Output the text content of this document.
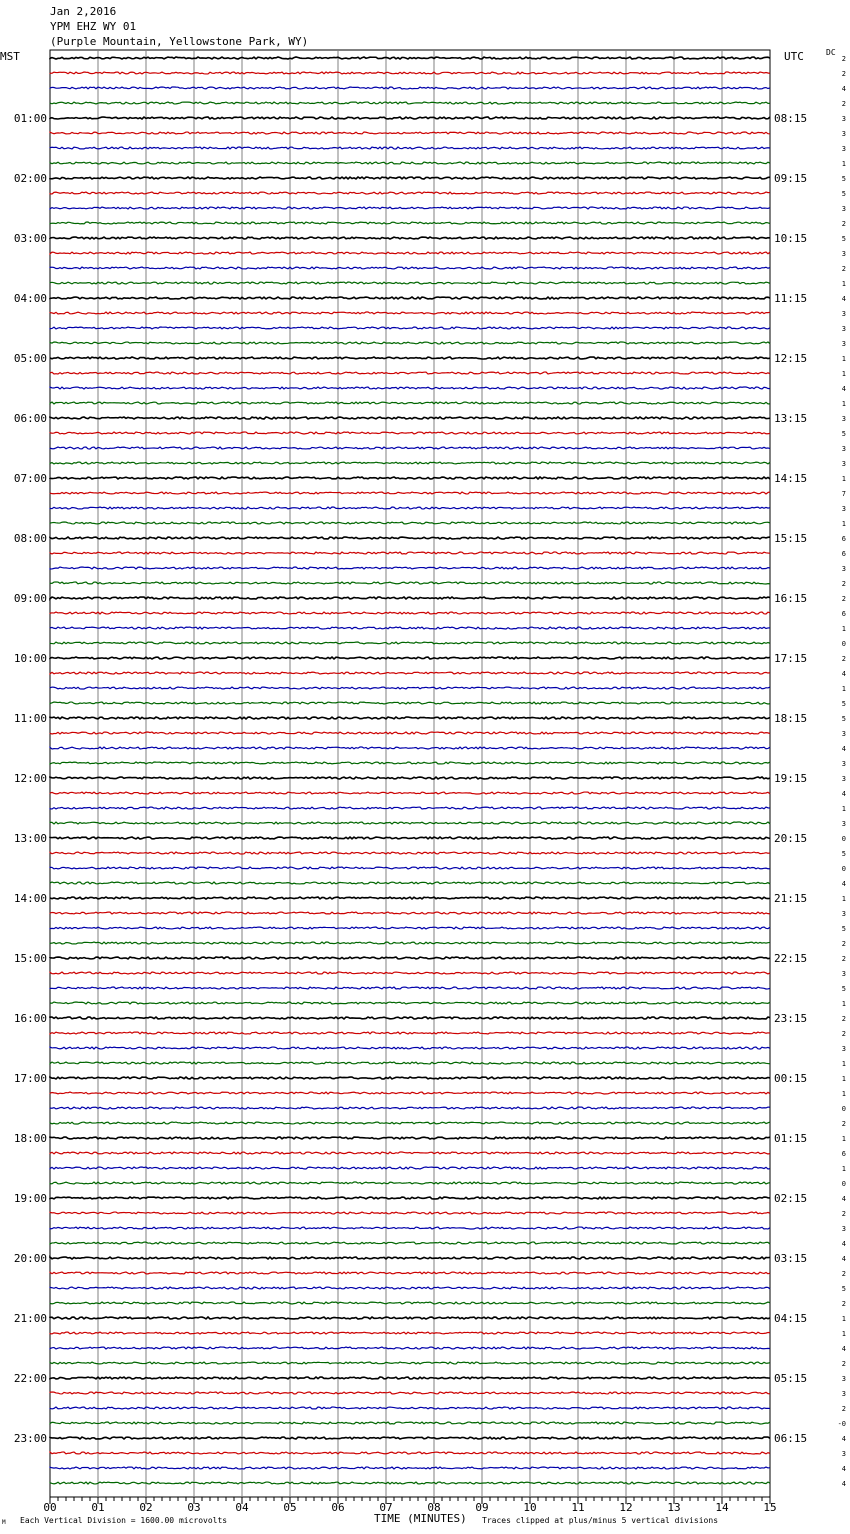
Jan 2,2016
YPM EHZ WY 01
(Purple Mountain, Yellowstone Park, WY)
MST	UTC	DC
01:00
02:00
03:00
04:00
05:00
06:00
07:00
08:00
09:00
10:00
11:00
12:00
13:00
14:00
15:00
16:00
17:00
18:00
19:00
20:00
21:00
22:00
23:00
08:15
09:15
10:15
11:15
12:15
13:15
14:15
15:15
16:15
17:15
18:15
19:15
20:15
21:15
22:15
23:15
00:15
01:15
02:15
03:15
04:15
05:15
06:15
2
2
4
2
3
3
3
1
5
5
3
2
5
3
2
1
4
3
3
3
1
1
4
1
3
5
3
3
1
7
3
1
6
6
3
2
2
6
1
0
2
4
1
5
5
3
4
3
3
4
1
3
0
5
0
4
1
3
5
2
2
3
5
1
2
2
3
1
1
1
0
2
1
6
1
0
4
2
3
4
4
2
5
2
1
1
4
2
3
3
2
-0
4
3
4
4
00	01	02	03	04	05	06	07	08	09	10	11	12	13	14	15
TIME (MINUTES)
Each Vertical Division = 1600.00 microvolts	Traces clipped at plus/minus 5 vertical divisions
M
